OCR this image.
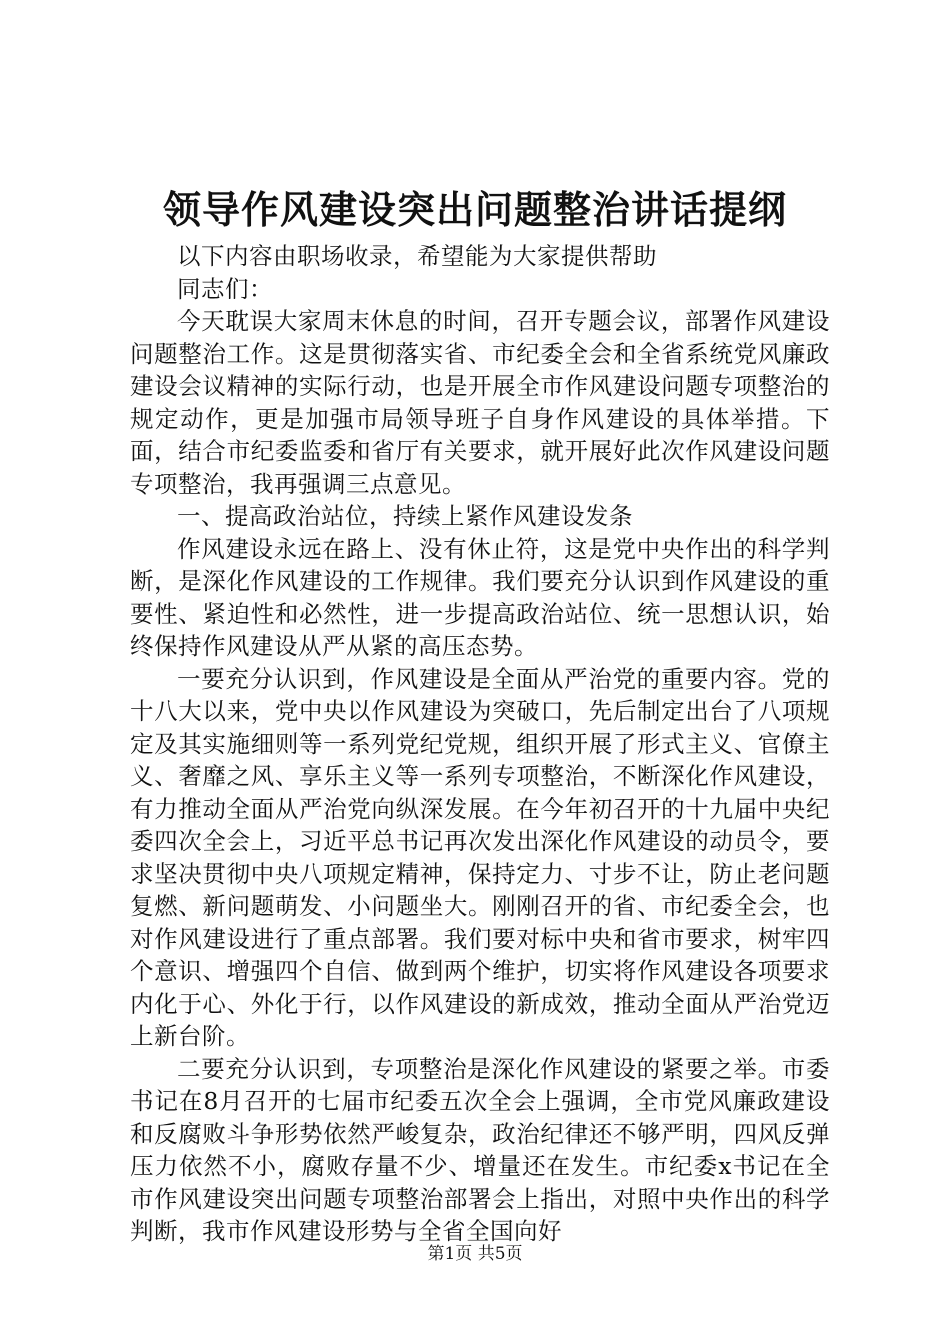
领导作风建设突出问题整治讲话提纲

以下内容由职场收录，希望能为大家提供帮助

同志们：

今天耽误大家周末休息的时间，召开专题会议，部署作风建设问题整治工作。这是贯彻落实省、市纪委全会和全省系统党风廉政建设会议精神的实际行动，也是开展全市作风建设问题专项整治的规定动作，更是加强市局领导班子自身作风建设的具体举措。下面，结合市纪委监委和省厅有关要求，就开展好此次作风建设问题专项整治，我再强调三点意见。

一、提高政治站位，持续上紧作风建设发条

作风建设永远在路上、没有休止符，这是党中央作出的科学判断，是深化作风建设的工作规律。我们要充分认识到作风建设的重要性、紧迫性和必然性，进一步提高政治站位、统一思想认识，始终保持作风建设从严从紧的高压态势。

一要充分认识到，作风建设是全面从严治党的重要内容。党的十八大以来，党中央以作风建设为突破口，先后制定出台了八项规定及其实施细则等一系列党纪党规，组织开展了形式主义、官僚主义、奢靡之风、享乐主义等一系列专项整治，不断深化作风建设，有力推动全面从严治党向纵深发展。在今年初召开的十九届中央纪委四次全会上，习近平总书记再次发出深化作风建设的动员令，要求坚决贯彻中央八项规定精神，保持定力、寸步不让，防止老问题复燃、新问题萌发、小问题坐大。刚刚召开的省、市纪委全会，也对作风建设进行了重点部署。我们要对标中央和省市要求，树牢四个意识、增强四个自信、做到两个维护，切实将作风建设各项要求内化于心、外化于行，以作风建设的新成效，推动全面从严治党迈上新台阶。

二要充分认识到，专项整治是深化作风建设的紧要之举。市委书记在8月召开的七届市纪委五次全会上强调，全市党风廉政建设和反腐败斗争形势依然严峻复杂，政治纪律还不够严明，四风反弹压力依然不小，腐败存量不少、增量还在发生。市纪委x书记在全市作风建设突出问题专项整治部署会上指出，对照中央作出的科学判断，我市作风建设形势与全省全国向好

第1页 共5页
